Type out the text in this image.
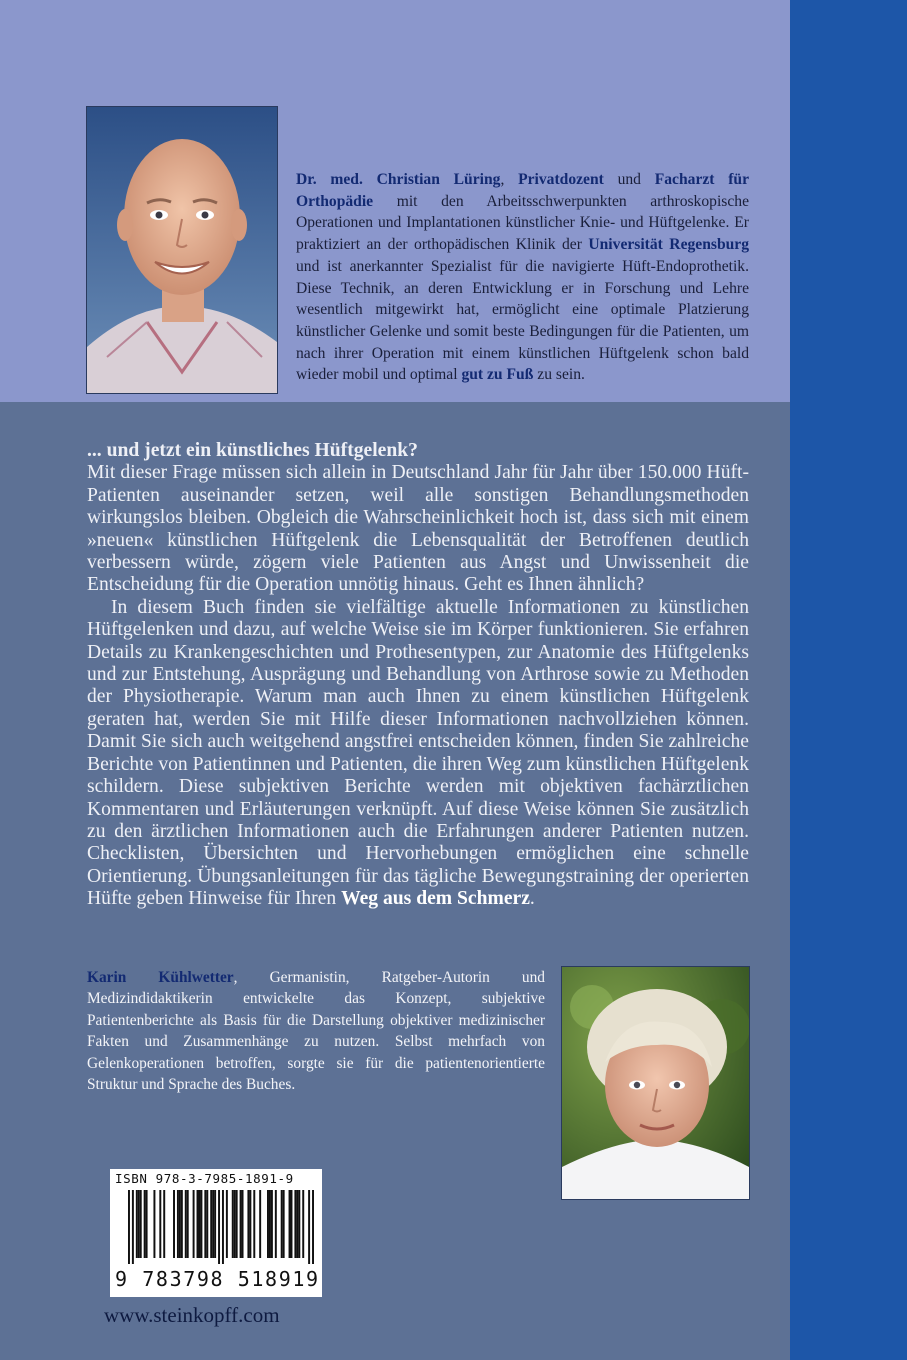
Dr. med. Christian Lüring, Privatdozent und Facharzt für Orthopädie mit den Arbeitsschwerpunkten arthroskopische Operationen und Implantationen künstlicher Knie- und Hüftgelenke. Er praktiziert an der orthopädischen Klinik der Universität Regensburg und ist anerkannter Spezialist für die navigierte Hüft-Endoprothetik. Diese Technik, an deren Entwicklung er in Forschung und Lehre wesentlich mitgewirkt hat, ermöglicht eine optimale Platzierung künstlicher Gelenke und somit beste Bedingungen für die Patienten, um nach ihrer Operation mit einem künstlichen Hüftgelenk schon bald wieder mobil und optimal gut zu Fuß zu sein.

... und jetzt ein künstliches Hüftgelenk?

Mit dieser Frage müssen sich allein in Deutschland Jahr für Jahr über 150.000 Hüft-Patienten auseinander setzen, weil alle sonstigen Behandlungsmethoden wirkungslos bleiben. Obgleich die Wahrscheinlichkeit hoch ist, dass sich mit einem »neuen« künstlichen Hüftgelenk die Lebensqualität der Betroffenen deutlich verbessern würde, zögern viele Patienten aus Angst und Unwissenheit die Entscheidung für die Operation unnötig hinaus. Geht es Ihnen ähnlich?

In diesem Buch finden sie vielfältige aktuelle Informationen zu künstlichen Hüftgelenken und dazu, auf welche Weise sie im Körper funktionieren. Sie erfahren Details zu Krankengeschichten und Prothesentypen, zur Anatomie des Hüftgelenks und zur Entstehung, Ausprägung und Behandlung von Arthrose sowie zu Methoden der Physiotherapie. Warum man auch Ihnen zu einem künstlichen Hüftgelenk geraten hat, werden Sie mit Hilfe dieser Informationen nachvollziehen können. Damit Sie sich auch weitgehend angstfrei entscheiden können, finden Sie zahlreiche Berichte von Patientinnen und Patienten, die ihren Weg zum künstlichen Hüftgelenk schildern. Diese subjektiven Berichte werden mit objektiven fachärztlichen Kommentaren und Erläuterungen verknüpft. Auf diese Weise können Sie zusätzlich zu den ärztlichen Informationen auch die Erfahrungen anderer Patienten nutzen. Checklisten, Übersichten und Hervorhebungen ermöglichen eine schnelle Orientierung. Übungsanleitungen für das tägliche Bewegungstraining der operierten Hüfte geben Hinweise für Ihren Weg aus dem Schmerz.

Karin Kühlwetter, Germanistin, Ratgeber-Autorin und Medizindidaktikerin entwickelte das Konzept, subjektive Patientenberichte als Basis für die Darstellung objektiver medizinischer Fakten und Zusammenhänge zu nutzen. Selbst mehrfach von Gelenkoperationen betroffen, sorgte sie für die patientenorientierte Struktur und Sprache des Buches.
ISBN 978-3-7985-1891-9
9 783798 518919
www.steinkopff.com
